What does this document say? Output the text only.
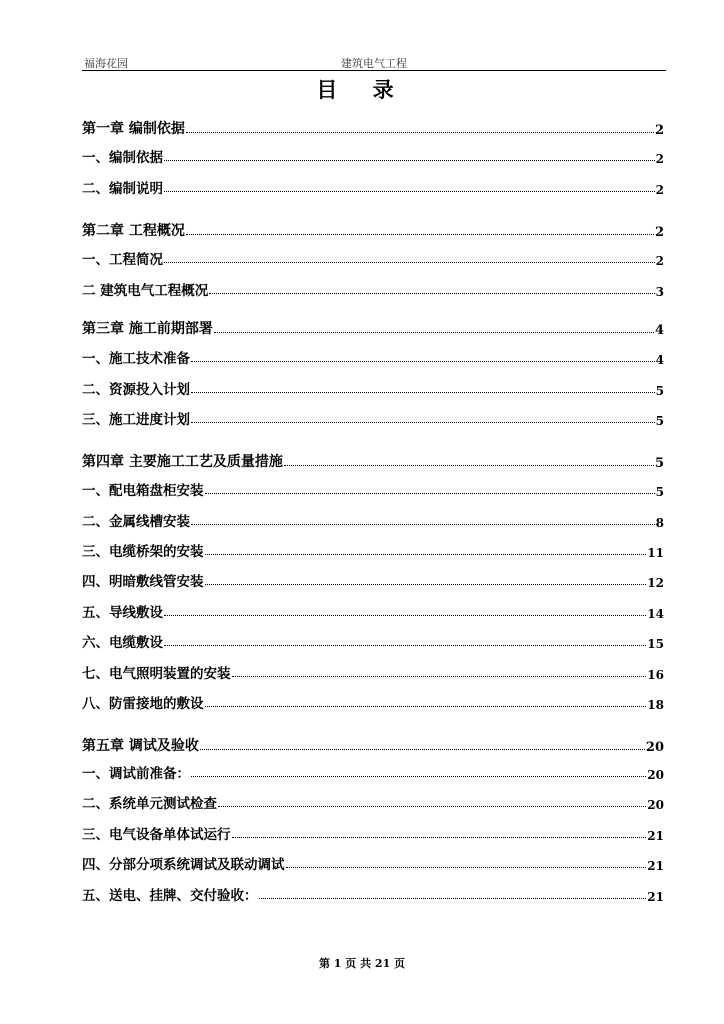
福海花园	建筑电气工程
目 录
第一章 编制依据	2
一、编制依据	2
二、编制说明	2
第二章 工程概况	2
一、工程简况	2
二 建筑电气工程概况	3
第三章 施工前期部署	4
一、施工技术准备	4
二、资源投入计划	5
三、施工进度计划	5
第四章 主要施工工艺及质量措施	5
一、配电箱盘柜安装	5
二、金属线槽安装	8
三、电缆桥架的安装	11
四、明暗敷线管安装	12
五、导线敷设	14
六、电缆敷设	15
七、电气照明装置的安装	16
八、防雷接地的敷设	18
第五章 调试及验收	20
一、调试前准备：	20
二、系统单元测试检查	20
三、电气设备单体试运行	21
四、分部分项系统调试及联动调试	21
五、送电、挂牌、交付验收：	21
第 1 页 共 21 页
